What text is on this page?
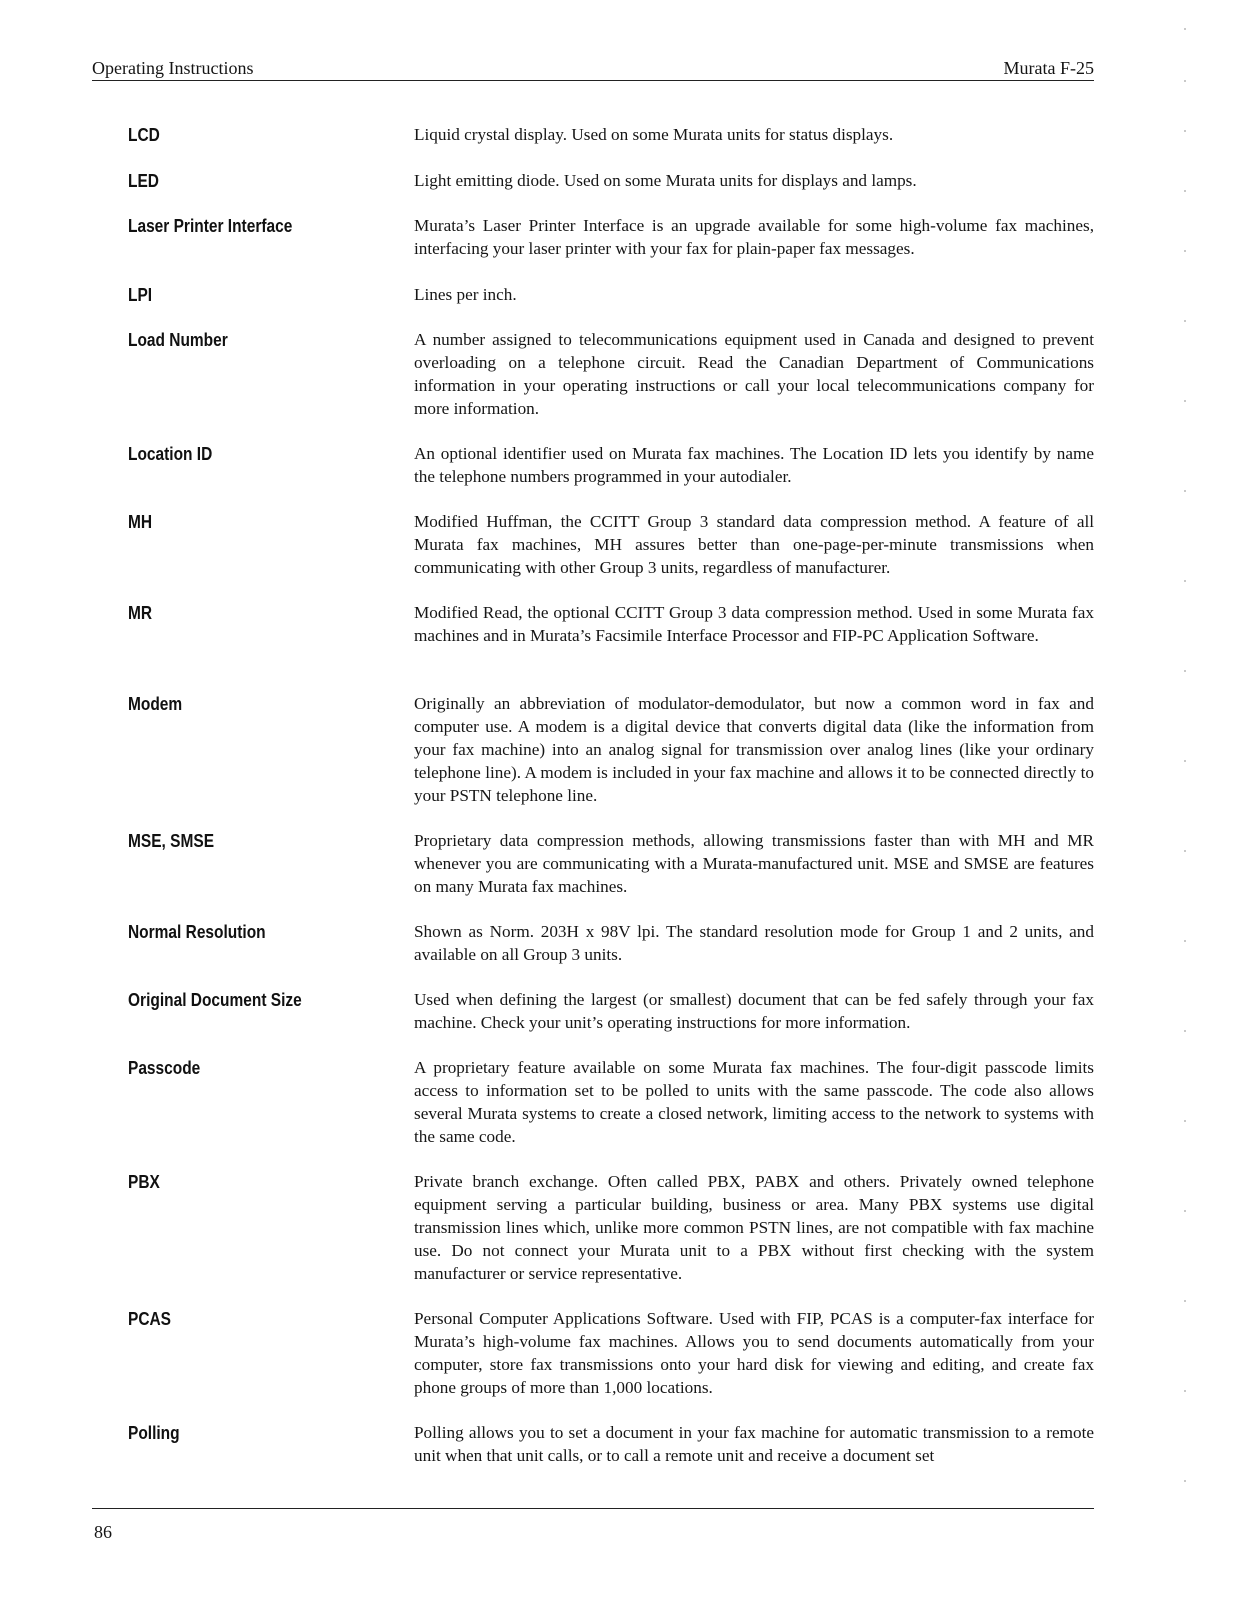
Operating Instructions	Murata F-25
LCD	Liquid crystal display. Used on some Murata units for status displays.
LED	Light emitting diode. Used on some Murata units for displays and lamps.
Laser Printer Interface	Murata’s Laser Printer Interface is an upgrade available for some high-volume fax machines, interfacing your laser printer with your fax for plain-paper fax messages.
LPI	Lines per inch.
Load Number	A number assigned to telecommunications equipment used in Canada and designed to prevent overloading on a telephone circuit. Read the Canadian Department of Communications information in your operating instructions or call your local telecommunications company for more information.
Location ID	An optional identifier used on Murata fax machines. The Location ID lets you identify by name the telephone numbers programmed in your autodialer.
MH	Modified Huffman, the CCITT Group 3 standard data compression method. A feature of all Murata fax machines, MH assures better than one-page-per-minute transmissions when communicating with other Group 3 units, regardless of manufacturer.
MR	Modified Read, the optional CCITT Group 3 data compression method. Used in some Murata fax machines and in Murata’s Facsimile Interface Processor and FIP-PC Application Software.
Modem	Originally an abbreviation of modulator-demodulator, but now a common word in fax and computer use. A modem is a digital device that converts digital data (like the information from your fax machine) into an analog signal for transmission over analog lines (like your ordinary telephone line). A modem is included in your fax machine and allows it to be connected directly to your PSTN telephone line.
MSE, SMSE	Proprietary data compression methods, allowing transmissions faster than with MH and MR whenever you are communicating with a Murata-manufactured unit. MSE and SMSE are features on many Murata fax machines.
Normal Resolution	Shown as Norm. 203H x 98V lpi. The standard resolution mode for Group 1 and 2 units, and available on all Group 3 units.
Original Document Size	Used when defining the largest (or smallest) document that can be fed safely through your fax machine. Check your unit’s operating instructions for more information.
Passcode	A proprietary feature available on some Murata fax machines. The four-digit passcode limits access to information set to be polled to units with the same passcode. The code also allows several Murata systems to create a closed network, limiting access to the network to systems with the same code.
PBX	Private branch exchange. Often called PBX, PABX and others. Privately owned telephone equipment serving a particular building, business or area. Many PBX systems use digital transmission lines which, unlike more common PSTN lines, are not compatible with fax machine use. Do not connect your Murata unit to a PBX without first checking with the system manufacturer or service representative.
PCAS	Personal Computer Applications Software. Used with FIP, PCAS is a computer-fax interface for Murata’s high-volume fax machines. Allows you to send documents automatically from your computer, store fax transmissions onto your hard disk for viewing and editing, and create fax phone groups of more than 1,000 locations.
Polling	Polling allows you to set a document in your fax machine for automatic transmission to a remote unit when that unit calls, or to call a remote unit and receive a document set
86
